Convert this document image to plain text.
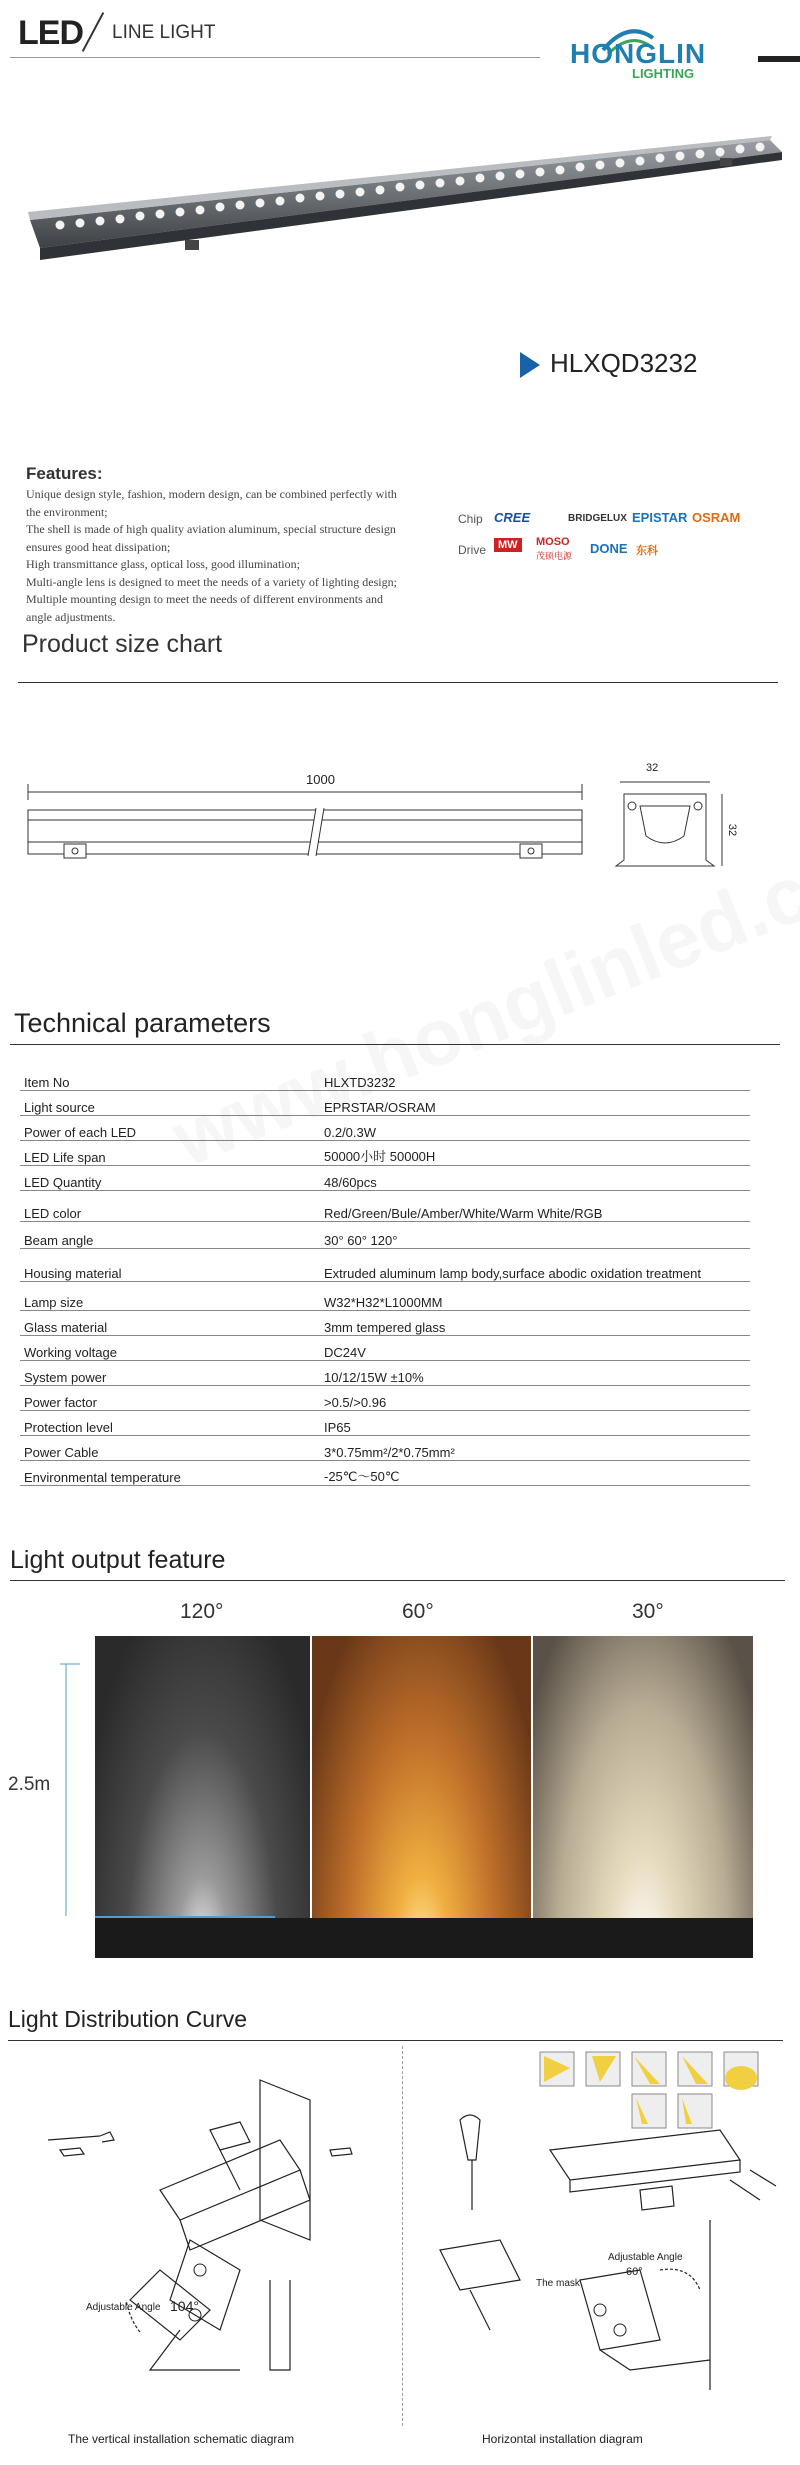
LED LINE LIGHT
HONGLIN
LIGHTING
HLXQD3232
Features:
Unique design style, fashion, modern design, can be combined perfectly with
the environment;
The shell is made of high quality aviation aluminum, special structure design
ensures good heat dissipation;
High transmittance glass, optical loss, good illumination;
Multi-angle lens is designed to meet the needs of a variety of lighting design;
Multiple mounting design to meet the needs of different environments and
angle adjustments.
Chip CREE	BRIDGELUX EPISTAR OSRAM
Drive	MW	MOSO
茂硕电源 DONE 东科
Product size chart
1000
32
32
Technical parameters
Item No	HLXTD3232
Light source	EPRSTAR/OSRAM
Power of each LED	0.2/0.3W
LED Life span	50000小时 50000H
LED Quantity	48/60pcs
LED color	Red/Green/Bule/Amber/White/Warm White/RGB
Beam angle	30° 60° 120°
Housing material	Extruded aluminum lamp body,surface abodic oxidation treatment
Lamp size	W32*H32*L1000MM
Glass material	3mm tempered glass
Working voltage	DC24V
System power	10/12/15W ±10%
Power factor	>0.5/>0.96
Protection level	IP65
Power Cable	3*0.75mm²/2*0.75mm²
Environmental temperature	-25℃～50℃
Light output feature
120°	60°	30°
2.5m
Light Distribution Curve
Adjustable Angle 104°
Adjustable Angle
60°
The mask
The vertical installation schematic diagram	Horizontal installation diagram
